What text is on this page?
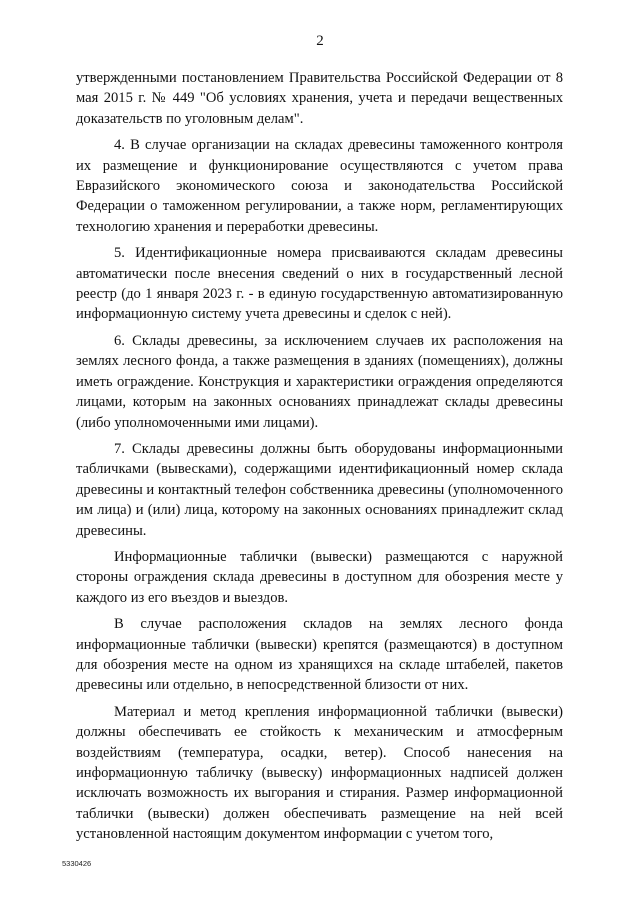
2

утвержденными постановлением Правительства Российской Федерации от 8 мая 2015 г. № 449 "Об условиях хранения, учета и передачи вещественных доказательств по уголовным делам".

4. В случае организации на складах древесины таможенного контроля их размещение и функционирование осуществляются с учетом права Евразийского экономического союза и законодательства Российской Федерации о таможенном регулировании, а также норм, регламентирующих технологию хранения и переработки древесины.

5. Идентификационные номера присваиваются складам древесины автоматически после внесения сведений о них в государственный лесной реестр (до 1 января 2023 г. - в единую государственную автоматизированную информационную систему учета древесины и сделок с ней).

6. Склады древесины, за исключением случаев их расположения на землях лесного фонда, а также размещения в зданиях (помещениях), должны иметь ограждение. Конструкция и характеристики ограждения определяются лицами, которым на законных основаниях принадлежат склады древесины (либо уполномоченными ими лицами).

7. Склады древесины должны быть оборудованы информационными табличками (вывесками), содержащими идентификационный номер склада древесины и контактный телефон собственника древесины (уполномоченного им лица) и (или) лица, которому на законных основаниях принадлежит склад древесины.

Информационные таблички (вывески) размещаются с наружной стороны ограждения склада древесины в доступном для обозрения месте у каждого из его въездов и выездов.

В случае расположения складов на землях лесного фонда информационные таблички (вывески) крепятся (размещаются) в доступном для обозрения месте на одном из хранящихся на складе штабелей, пакетов древесины или отдельно, в непосредственной близости от них.

Материал и метод крепления информационной таблички (вывески) должны обеспечивать ее стойкость к механическим и атмосферным воздействиям (температура, осадки, ветер). Способ нанесения на информационную табличку (вывеску) информационных надписей должен исключать возможность их выгорания и стирания. Размер информационной таблички (вывески) должен обеспечивать размещение на ней всей установленной настоящим документом информации с учетом того,

5330426
